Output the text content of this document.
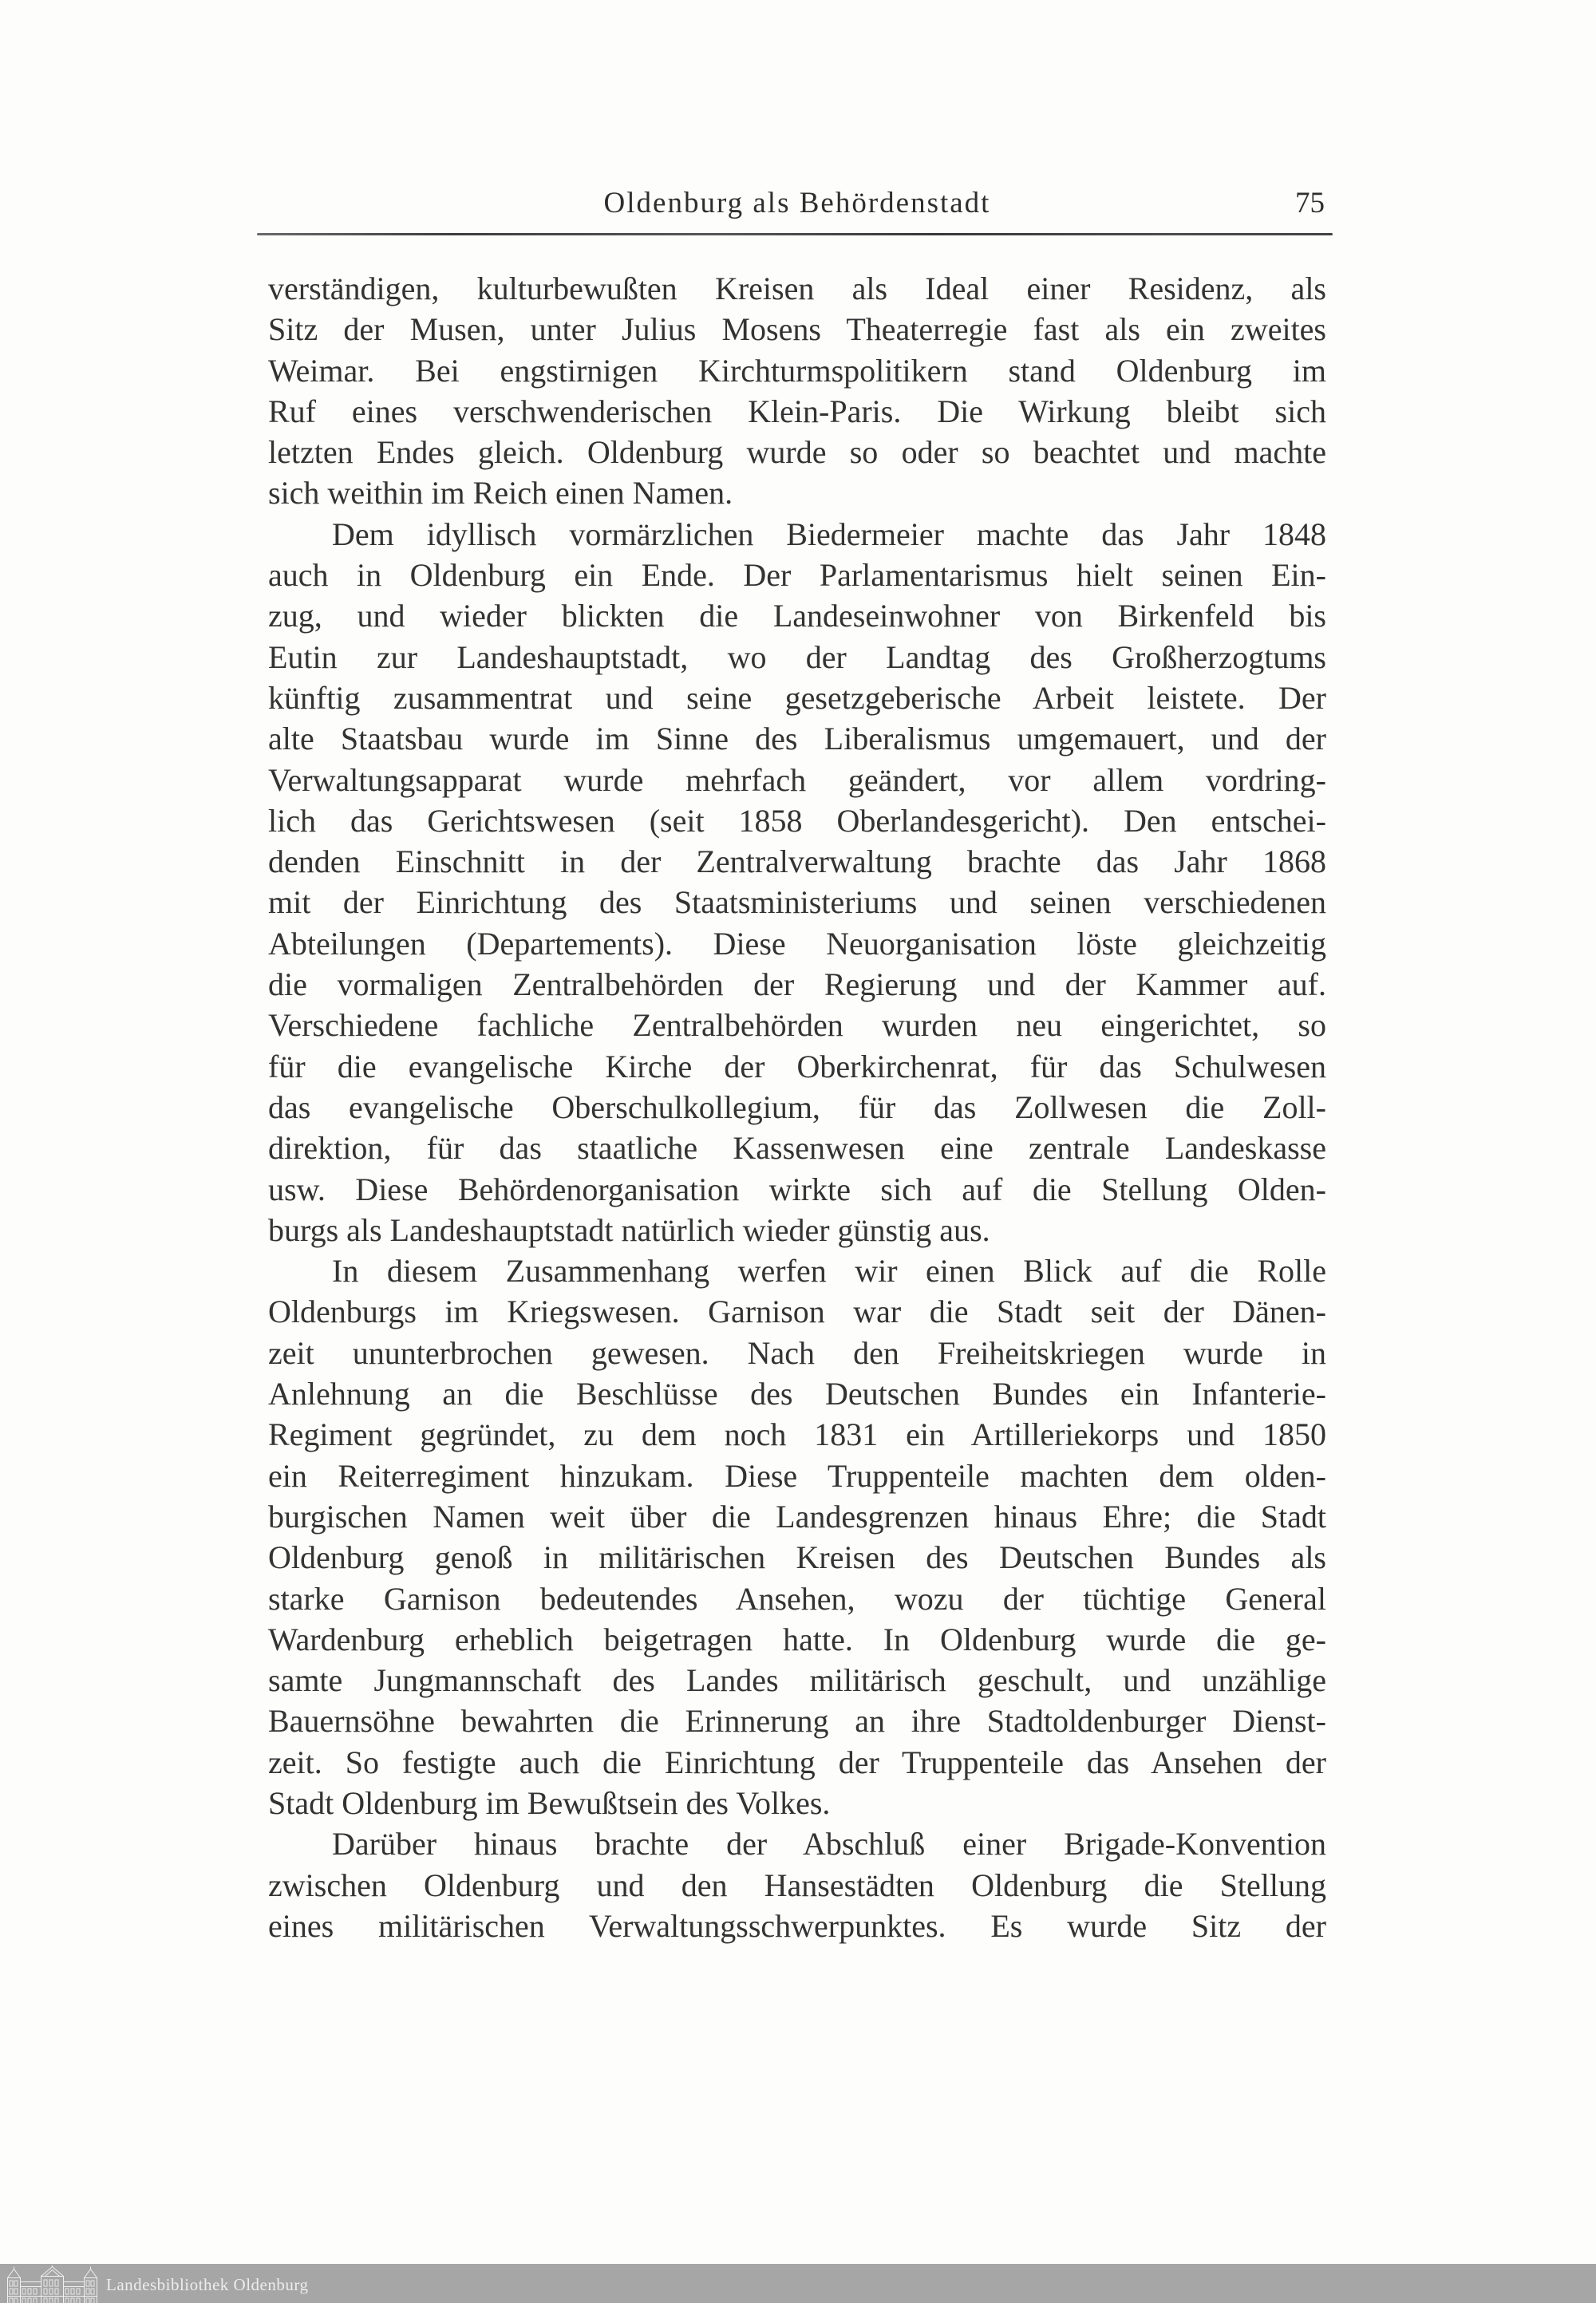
Oldenburg als Behördenstadt	75
verständigen, kulturbewußten Kreisen als Ideal einer Residenz, als
Sitz der Musen, unter Julius Mosens Theaterregie fast als ein zweites
Weimar. Bei engstirnigen Kirchturmspolitikern stand Oldenburg im
Ruf eines verschwenderischen Klein-Paris. Die Wirkung bleibt sich
letzten Endes gleich. Oldenburg wurde so oder so beachtet und machte
sich weithin im Reich einen Namen.
Dem idyllisch vormärzlichen Biedermeier machte das Jahr 1848
auch in Oldenburg ein Ende. Der Parlamentarismus hielt seinen Ein-
zug, und wieder blickten die Landeseinwohner von Birkenfeld bis
Eutin zur Landeshauptstadt, wo der Landtag des Großherzogtums
künftig zusammentrat und seine gesetzgeberische Arbeit leistete. Der
alte Staatsbau wurde im Sinne des Liberalismus umgemauert, und der
Verwaltungsapparat wurde mehrfach geändert, vor allem vordring-
lich das Gerichtswesen (seit 1858 Oberlandesgericht). Den entschei-
denden Einschnitt in der Zentralverwaltung brachte das Jahr 1868
mit der Einrichtung des Staatsministeriums und seinen verschiedenen
Abteilungen (Departements). Diese Neuorganisation löste gleichzeitig
die vormaligen Zentralbehörden der Regierung und der Kammer auf.
Verschiedene fachliche Zentralbehörden wurden neu eingerichtet, so
für die evangelische Kirche der Oberkirchenrat, für das Schulwesen
das evangelische Oberschulkollegium, für das Zollwesen die Zoll-
direktion, für das staatliche Kassenwesen eine zentrale Landeskasse
usw. Diese Behördenorganisation wirkte sich auf die Stellung Olden-
burgs als Landeshauptstadt natürlich wieder günstig aus.
In diesem Zusammenhang werfen wir einen Blick auf die Rolle
Oldenburgs im Kriegswesen. Garnison war die Stadt seit der Dänen-
zeit ununterbrochen gewesen. Nach den Freiheitskriegen wurde in
Anlehnung an die Beschlüsse des Deutschen Bundes ein Infanterie-
Regiment gegründet, zu dem noch 1831 ein Artilleriekorps und 1850
ein Reiterregiment hinzukam. Diese Truppenteile machten dem olden-
burgischen Namen weit über die Landesgrenzen hinaus Ehre; die Stadt
Oldenburg genoß in militärischen Kreisen des Deutschen Bundes als
starke Garnison bedeutendes Ansehen, wozu der tüchtige General
Wardenburg erheblich beigetragen hatte. In Oldenburg wurde die ge-
samte Jungmannschaft des Landes militärisch geschult, und unzählige
Bauernsöhne bewahrten die Erinnerung an ihre Stadtoldenburger Dienst-
zeit. So festigte auch die Einrichtung der Truppenteile das Ansehen der
Stadt Oldenburg im Bewußtsein des Volkes.
Darüber hinaus brachte der Abschluß einer Brigade-Konvention
zwischen Oldenburg und den Hansestädten Oldenburg die Stellung
eines militärischen Verwaltungsschwerpunktes. Es wurde Sitz der
Landesbibliothek Oldenburg
